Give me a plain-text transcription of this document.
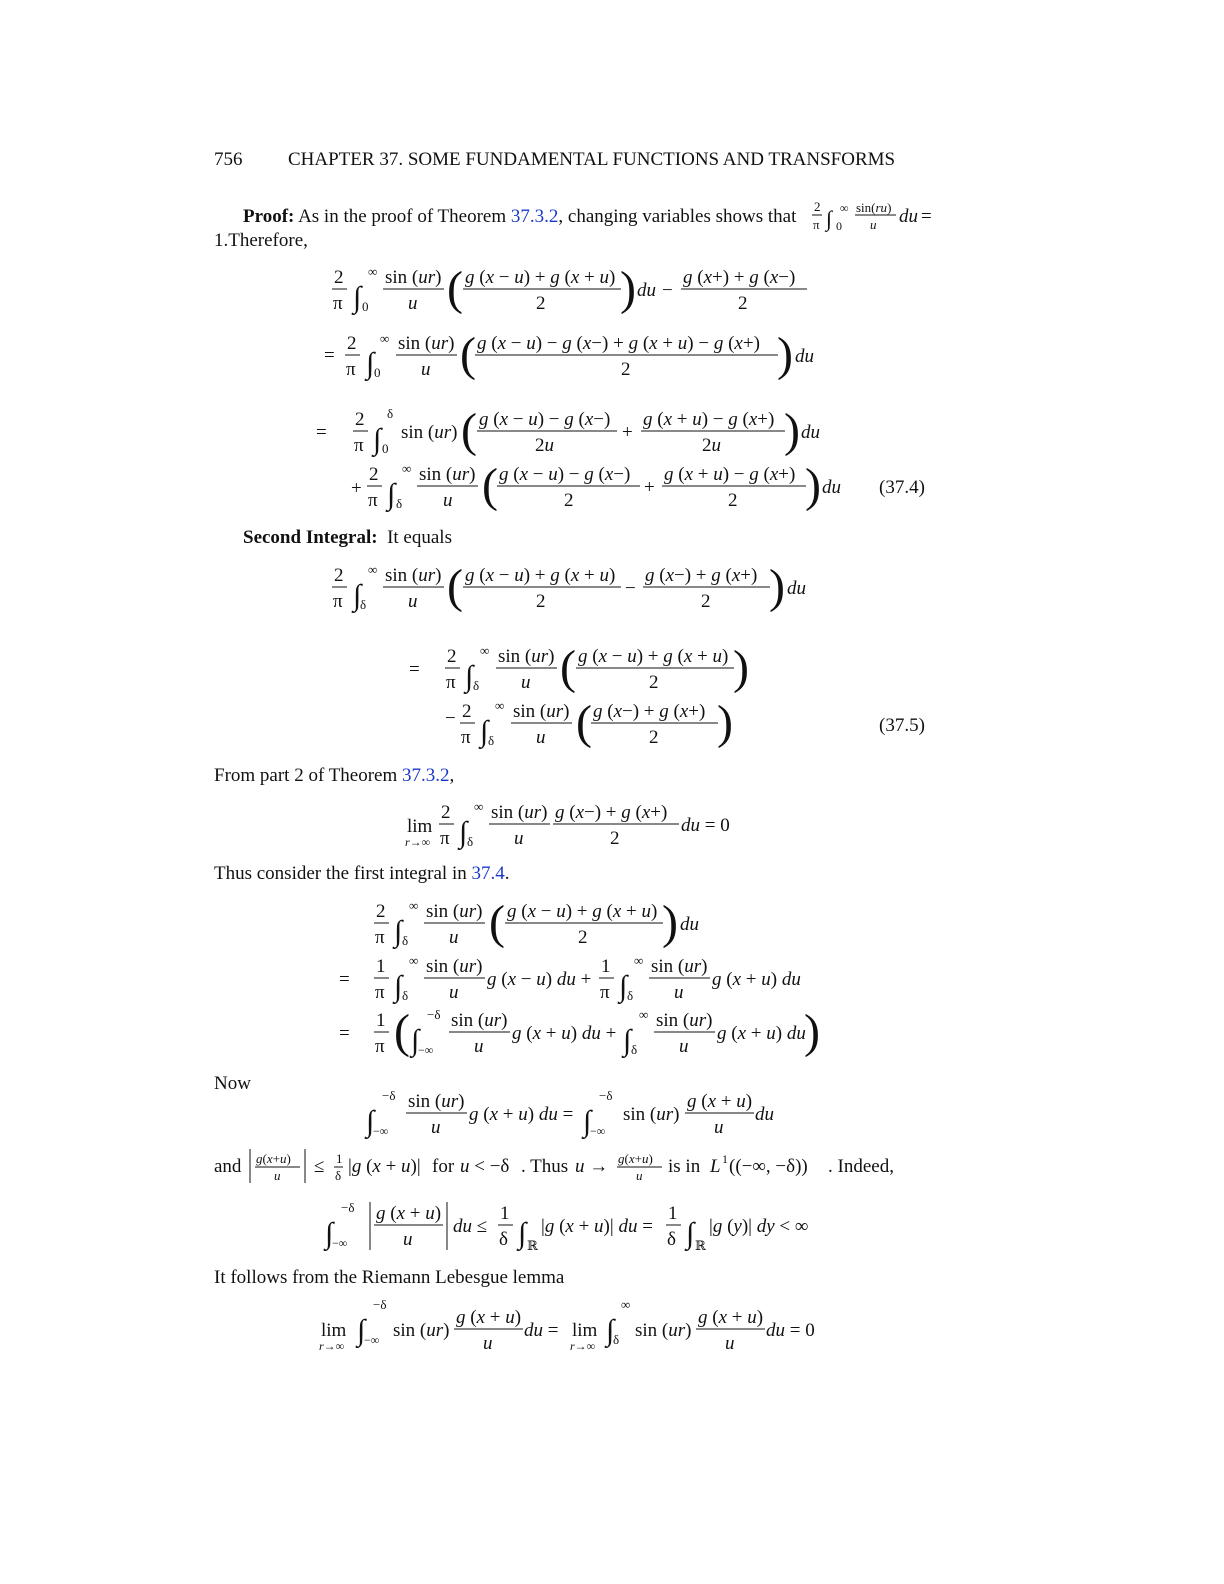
756 CHAPTER 37. SOME FUNDAMENTAL FUNCTIONS AND TRANSFORMS
Proof: As in the proof of Theorem 37.3.2, changing variables shows that
1.Therefore,
Second Integral: It equals
From part 2 of Theorem 37.3.2,
Thus consider the first integral in 37.4.
Now
and
It follows from the Riemann Lebesgue lemma
(37.4)
(37.5)
2
π ∫ ∞
0
sin(ru)
u du =
2
π ∫
∞
0
sin (ur)
u ( g (x − u) + g (x + u)
2 ) du −
g (x+) + g (x−)
2
=
2
π ∫
∞
0
sin (ur)
u ( g (x − u) − g (x−) + g (x + u) − g (x+)
2	) du
=
2
π ∫
δ
0
sin (ur) ( g (x − u) − g (x−)
2u
+
g (x + u) − g (x+)
2u ) du
+
2
π ∫
∞
δ
sin (ur)
u ( g (x − u) − g (x−)
2
+
g (x + u) − g (x+)
2 ) du
2
π ∫
∞
δ
sin (ur)
u ( g (x − u) + g (x + u)
2
−
g (x−) + g (x+)
2 ) du
=
2
π ∫
∞
δ
sin (ur)
u ( g (x − u) + g (x + u)
2 )
− 2
π ∫
∞
δ
sin (ur)
u ( g (x−) + g (x+)
2 )
lim
r→∞
2
π ∫
∞
δ
sin (ur)
u
g (x−) + g (x+)
2
du = 0
2
π ∫
∞
δ
sin (ur)
u ( g (x − u) + g (x + u)
2 ) du
=
1
π ∫
∞
δ
sin (ur)
u
g (x − u) du +
1
π ∫
∞
δ
sin (ur)
u
g (x + u) du
=
1
π ( ∫
−δ
−∞
sin (ur)
u
g (x + u) du + ∫
∞
δ
sin (ur)
u
g (x + u) du
)
∫
−δ
−∞
sin (ur)
u
g (x + u) du = ∫
−δ
−∞
sin (ur)
g (x + u)
u
du
g(x+u)
u ≤ 1
δ |g (x + u)| for u < −δ . Thus u → g(x+u)
u is in L 1 ((−∞, −δ)) . Indeed,
∫
−δ
−∞
g (x + u)
u
du ≤
1
δ ∫ ℝ
|g (x + u)| du =
1
δ ∫ ℝ
|g (y)| dy < ∞
lim
r→∞ ∫
−δ
−∞ sin (ur)
g (x + u)
u
du = lim
r→∞ ∫
∞
δ sin (ur)
g (x + u)
u
du = 0
